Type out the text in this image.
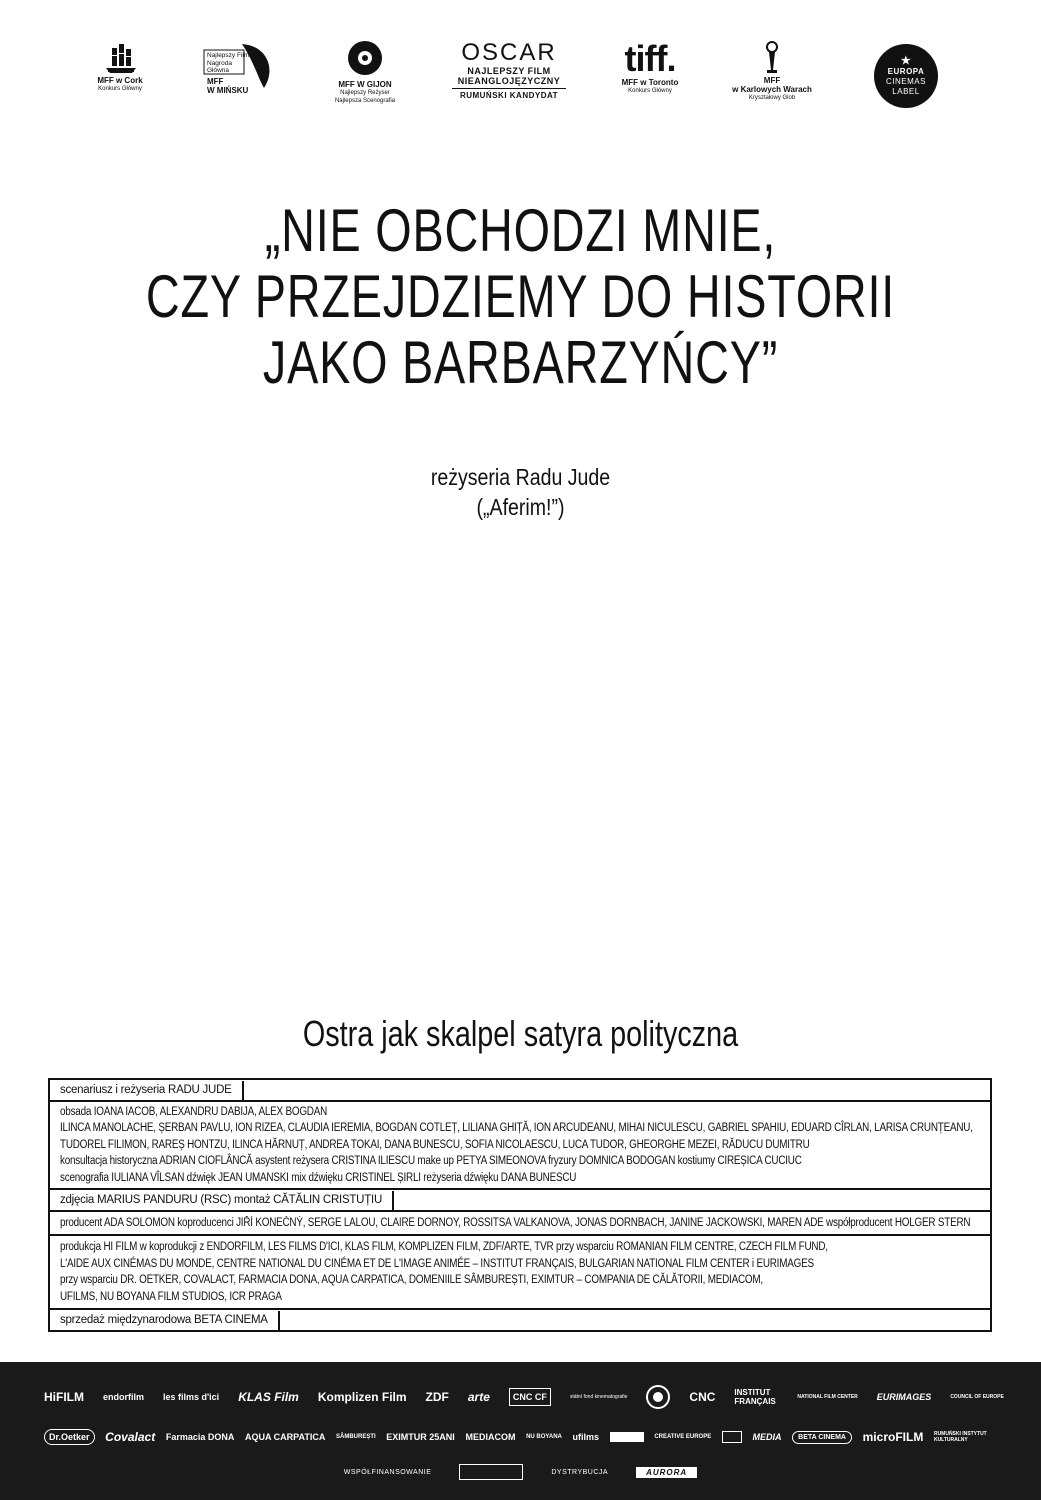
MFF w Cork
Konkurs Główny
Najlepszy Film
Nagroda
Główna
MFF
W MIŃSKU
MFF W GIJON
Najlepszy Reżyser
Najlepsza Scenografia
OSCAR
NAJLEPSZY FILM
NIEANGLOJĘZYCZNY
RUMUŃSKI KANDYDAT
tiff.
MFF w Toronto
Konkurs Główny
MFF
w Karlowych Warach
Kryształowy Glob
★
EUROPA
CINEMAS
LABEL
„NIE OBCHODZI MNIE,
CZY PRZEJDZIEMY DO HISTORII
JAKO BARBARZYŃCY”
reżyseria Radu Jude
(„Aferim!”)
Ostra jak skalpel satyra polityczna
scenariusz i reżyseria RADU JUDE
obsada IOANA IACOB, ALEXANDRU DABIJA, ALEX BOGDAN
ILINCA MANOLACHE, ȘERBAN PAVLU, ION RIZEA, CLAUDIA IEREMIA, BOGDAN COTLEȚ, LILIANA GHIȚĂ, ION ARCUDEANU, MIHAI NICULESCU, GABRIEL SPAHIU, EDUARD CÎRLAN, LARISA CRUNȚEANU,
TUDOREL FILIMON, RAREȘ HONTZU, ILINCA HĂRNUȚ, ANDREA TOKAI, DANA BUNESCU, SOFIA NICOLAESCU, LUCA TUDOR, GHEORGHE MEZEI, RĂDUCU DUMITRU
konsultacja historyczna ADRIAN CIOFLÂNCĂ asystent reżysera CRISTINA ILIESCU make up PETYA SIMEONOVA fryzury DOMNICA BODOGAN kostiumy CIREȘICA CUCIUC
scenografia IULIANA VÎLSAN dźwięk JEAN UMANSKI mix dźwięku CRISTINEL ȘIRLI reżyseria dźwięku DANA BUNESCU
zdjęcia MARIUS PANDURU (RSC) montaż CĂTĂLIN CRISTUȚIU
producent ADA SOLOMON koproducenci JIŘÍ KONEČNÝ, SERGE LALOU, CLAIRE DORNOY, ROSSITSA VALKANOVA, JONAS DORNBACH, JANINE JACKOWSKI, MAREN ADE współproducent HOLGER STERN
produkcja HI FILM w koprodukcji z ENDORFILM, LES FILMS D'ICI, KLAS FILM, KOMPLIZEN FILM, ZDF/ARTE, TVR przy wsparciu ROMANIAN FILM CENTRE, CZECH FILM FUND,
L'AIDE AUX CINÉMAS DU MONDE, CENTRE NATIONAL DU CINÉMA ET DE L'IMAGE ANIMÉE – INSTITUT FRANÇAIS, BULGARIAN NATIONAL FILM CENTER i EURIMAGES
przy wsparciu DR. OETKER, COVALACT, FARMACIA DONA, AQUA CARPATICA, DOMENIILE SÂMBUREȘTI, EXIMTUR – COMPANIA DE CĂLĂTORII, MEDIACOM,
UFILMS, NU BOYANA FILM STUDIOS, ICR PRAGA
sprzedaż międzynarodowa BETA CINEMA
HiFILM endorfilm les films d'ici KLAS Film Komplizen Film ZDF arte	CNC CF	státní fond kinematografie	CNC INSTITUT FRANÇAIS	NATIONAL FILM CENTER EURIMAGES	COUNCIL OF EUROPE
Dr.Oetker	Covalact Farmacia DONA AQUA CARPATICA SÂMBUREȘTI EXIMTUR 25ANI MEDIACOM NU BOYANA ufilms	CREATIVE EUROPE	MEDIA	BETA CINEMA	microFILM RUMUŃSKI INSTYTUT KULTURALNY
WSPÓŁFINANSOWANIE	DYSTRYBUCJA	AURORA
